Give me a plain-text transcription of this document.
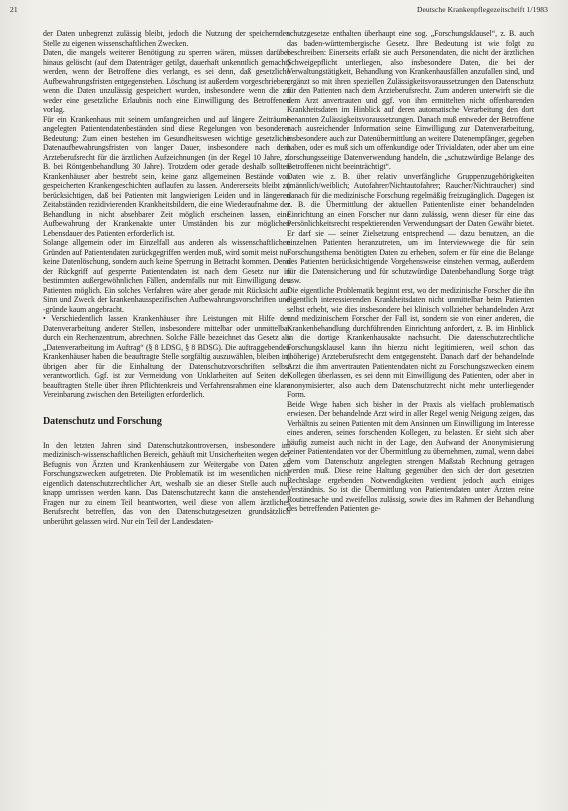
21	Deutsche Krankenpflegezeitschrift 1/1983

der Daten unbegrenzt zulässig bleibt, jedoch die Nutzung der speichernden Stelle zu eigenen wissenschaftlichen Zwecken.

Daten, die mangels weiterer Benötigung zu sperren wären, müssen darüber hinaus gelöscht (auf dem Datenträger getilgt, dauerhaft unkenntlich gemacht) werden, wenn der Betroffene dies verlangt, es sei denn, daß gesetzliche Aufbewahrungsfristen entgegenstehen. Löschung ist außerdem vorgeschrieben, wenn die Daten unzulässig gespeichert wurden, insbesondere wenn die zu weder eine gesetzliche Erlaubnis noch eine Einwilligung des Betroffenen vorlag.

Für ein Krankenhaus mit seinem umfangreichen und auf längere Zeiträume angelegten Patientendatenbeständen sind diese Regelungen von besonderer Bedeutung: Zum einen bestehen im Gesundheitswesen wichtige gesetzliche Datenaufbewahrungsfristen von langer Dauer, insbesondere nach dem Arzteberufsrecht für die ärztlichen Aufzeichnungen (in der Regel 10 Jahre, z. B. bei Röntgenbehandlung 30 Jahre). Trotzdem oder gerade deshalb sollten Krankenhäuser aber bestrebt sein, keine ganz allgemeinen Bestände von gespeicherten Krankengeschichten auflaufen zu lassen. Andererseits bleibt zu berücksichtigen, daß bei Patienten mit langwierigen Leiden und in längeren Zeitabständen rezidivierenden Krankheitsbildern, die eine Wiederaufnahme der Behandlung in nicht absehbarer Zeit möglich erscheinen lassen, eine Aufbewahrung der Krankenakte unter Umständen bis zur möglichen Lebensdauer des Patienten erforderlich ist.

Solange allgemein oder im Einzelfall aus anderen als wissenschaftlichen Gründen auf Patientendaten zurückgegriffen werden muß, wird somit meist nur keine Datenlöschung, sondern auch keine Sperrung in Betracht kommen. Denn der Rückgriff auf gesperrte Patientendaten ist nach dem Gesetz nur in bestimmten außergewöhnlichen Fällen, andernfalls nur mit Einwilligung des Patienten möglich. Ein solches Verfahren wäre aber gerade mit Rücksicht auf Sinn und Zweck der krankenhausspezifischen Aufbewahrungsvorschriften und -gründe kaum angebracht.

• Verschiedentlich lassen Krankenhäuser ihre Leistungen mit Hilfe der Datenverarbeitung anderer Stellen, insbesondere mittelbar oder unmittelbar durch ein Rechenzentrum, abrechnen. Solche Fälle bezeichnet das Gesetz als „Datenverarbeitung im Auftrag“ (§ 8 LDSG, § 8 BDSG). Die auftraggebenden Krankenhäuser haben die beauftragte Stelle sorgfältig auszuwählen, bleiben im übrigen aber für die Einhaltung der Datenschutzvorschriften selbst verantwortlich. Ggf. ist zur Vermeidung von Unklarheiten auf Seiten der beauftragten Stelle über ihren Pflichtenkreis und Verfahrensrahmen eine klare Vereinbarung zwischen den Beteiligten erforderlich.

Datenschutz und Forschung

In den letzten Jahren sind Datenschutzkontroversen, insbesondere im medizinisch-wissenschaftlichen Bereich, gehäuft mit Unsicherheiten wegen der Befugnis von Ärzten und Krankenhäusern zur Weitergabe von Daten zu Forschungszwecken aufgetreten. Die Problematik ist im wesentlichen nicht eigentlich datenschutzrechtlicher Art, weshalb sie an dieser Stelle auch nur knapp umrissen werden kann. Das Datenschutzrecht kann die anstehenden Fragen nur zu einem Teil beantworten, weil diese von allem ärztliches Berufsrecht betreffen, das von den Datenschutzgesetzen grundsätzlich unberührt gelassen wird. Nur ein Teil der Landesdaten-

schutzgesetze enthalten überhaupt eine sog. „Forschungsklausel“, z. B. auch das baden-württembergische Gesetz. Ihre Bedeutung ist wie folgt zu beschreiben: Einerseits erfaßt sie auch Personendaten, die nicht der ärztlichen Schweigepflicht unterliegen, also insbesondere Daten, die bei der Verwaltungstätigkeit, Behandlung von Krankenhausfällen anzufallen sind, und ergänzt so mit ihren speziellen Zulässigkeitsvoraussetzungen den Datenschutz für den Patienten nach dem Arzteberufsrecht. Zum anderen unterwirft sie die dem Arzt anvertrauten und ggf. von ihm ermittelten nicht offenbarenden Krankheitsdaten im Hinblick auf deren automatische Verarbeitung den dort benannten Zulässigkeitsvoraussetzungen. Danach muß entweder der Betroffene nach ausreichender Information seine Einwilligung zur Datenverarbeitung, insbesondere auch zur Datenübermittlung an weitere Datenempfänger, gegeben haben, oder es muß sich um offenkundige oder Trivialdaten, oder aber um eine forschungsseitige Datenverwendung handeln, die „schutzwürdige Belange des Betroffenen nicht beeinträchtigt“.

Daten wie z. B. über relativ unverfängliche Gruppenzugehörigkeiten (männlich/weiblich; Autofahrer/Nichtautofahrer; Raucher/Nichtraucher) sind danach für die medizinische Forschung regelmäßig freizugänglich. Dagegen ist z. B. die Übermittlung der aktuellen Patientenliste einer behandelnden Einrichtung an einen Forscher nur dann zulässig, wenn dieser für eine das Persönlichkeitsrecht respektierenden Verwendungsart der Daten Gewähr bietet. Er darf sie — seiner Zielsetzung entsprechend — dazu benutzen, an die einzelnen Patienten heranzutreten, um im Interviewwege die für sein Forschungsthema benötigten Daten zu erheben, sofern er für eine die Belange des Patienten berücksichtigende Vorgehensweise einstehen vermag, außerdem für die Datensicherung und für schutzwürdige Datenbehandlung Sorge trägt usw.

Die eigentliche Problematik beginnt erst, wo der medizinische Forscher die ihn eigentlich interessierenden Krankheitsdaten nicht unmittelbar beim Patienten selbst erhebt, wie dies insbesondere bei klinisch vollzieher behandelnden Arzt und medizinischem Forscher der Fall ist, sondern sie von einer anderen, die Krankenbehandlung durchführenden Einrichtung anfordert, z. B. im Hinblick in die dortige Krankenhausakte nachsucht. Die datenschutzrechtliche Forschungsklausel kann ihn hierzu nicht legitimieren, weil schon das (höherige) Arzteberufsrecht dem entgegensteht. Danach darf der behandelnde Arzt die ihm anvertrauten Patientendaten nicht zu Forschungszwecken einem Kollegen überlassen, es sei denn mit Einwilligung des Patienten, oder aber in anonymisierter, also auch dem Datenschutzrecht nicht mehr unterliegender Form.

Beide Wege haben sich bisher in der Praxis als vielfach problematisch erwiesen. Der behandelnde Arzt wird in aller Regel wenig Neigung zeigen, das Verhältnis zu seinen Patienten mit dem Ansinnen um Einwilligung im Interesse eines anderen, seines forschenden Kollegen, zu belasten. Er sieht sich aber häufig zumeist auch nicht in der Lage, den Aufwand der Anonymisierung seiner Patientendaten vor der Übermittlung zu übernehmen, zumal, wenn dabei dem vom Datenschutz angelegten strengen Maßstab Rechnung getragen werden muß. Diese reine Haltung gegenüber den sich der dort gesetzten Rechtslage ergebenden Notwendigkeiten verdient jedoch auch einiges Verständnis. So ist die Übermittlung von Patientendaten unter Ärzten reine Routinesache und zweifellos zulässig, sowie dies im Rahmen der Behandlung des betreffenden Patienten ge-
